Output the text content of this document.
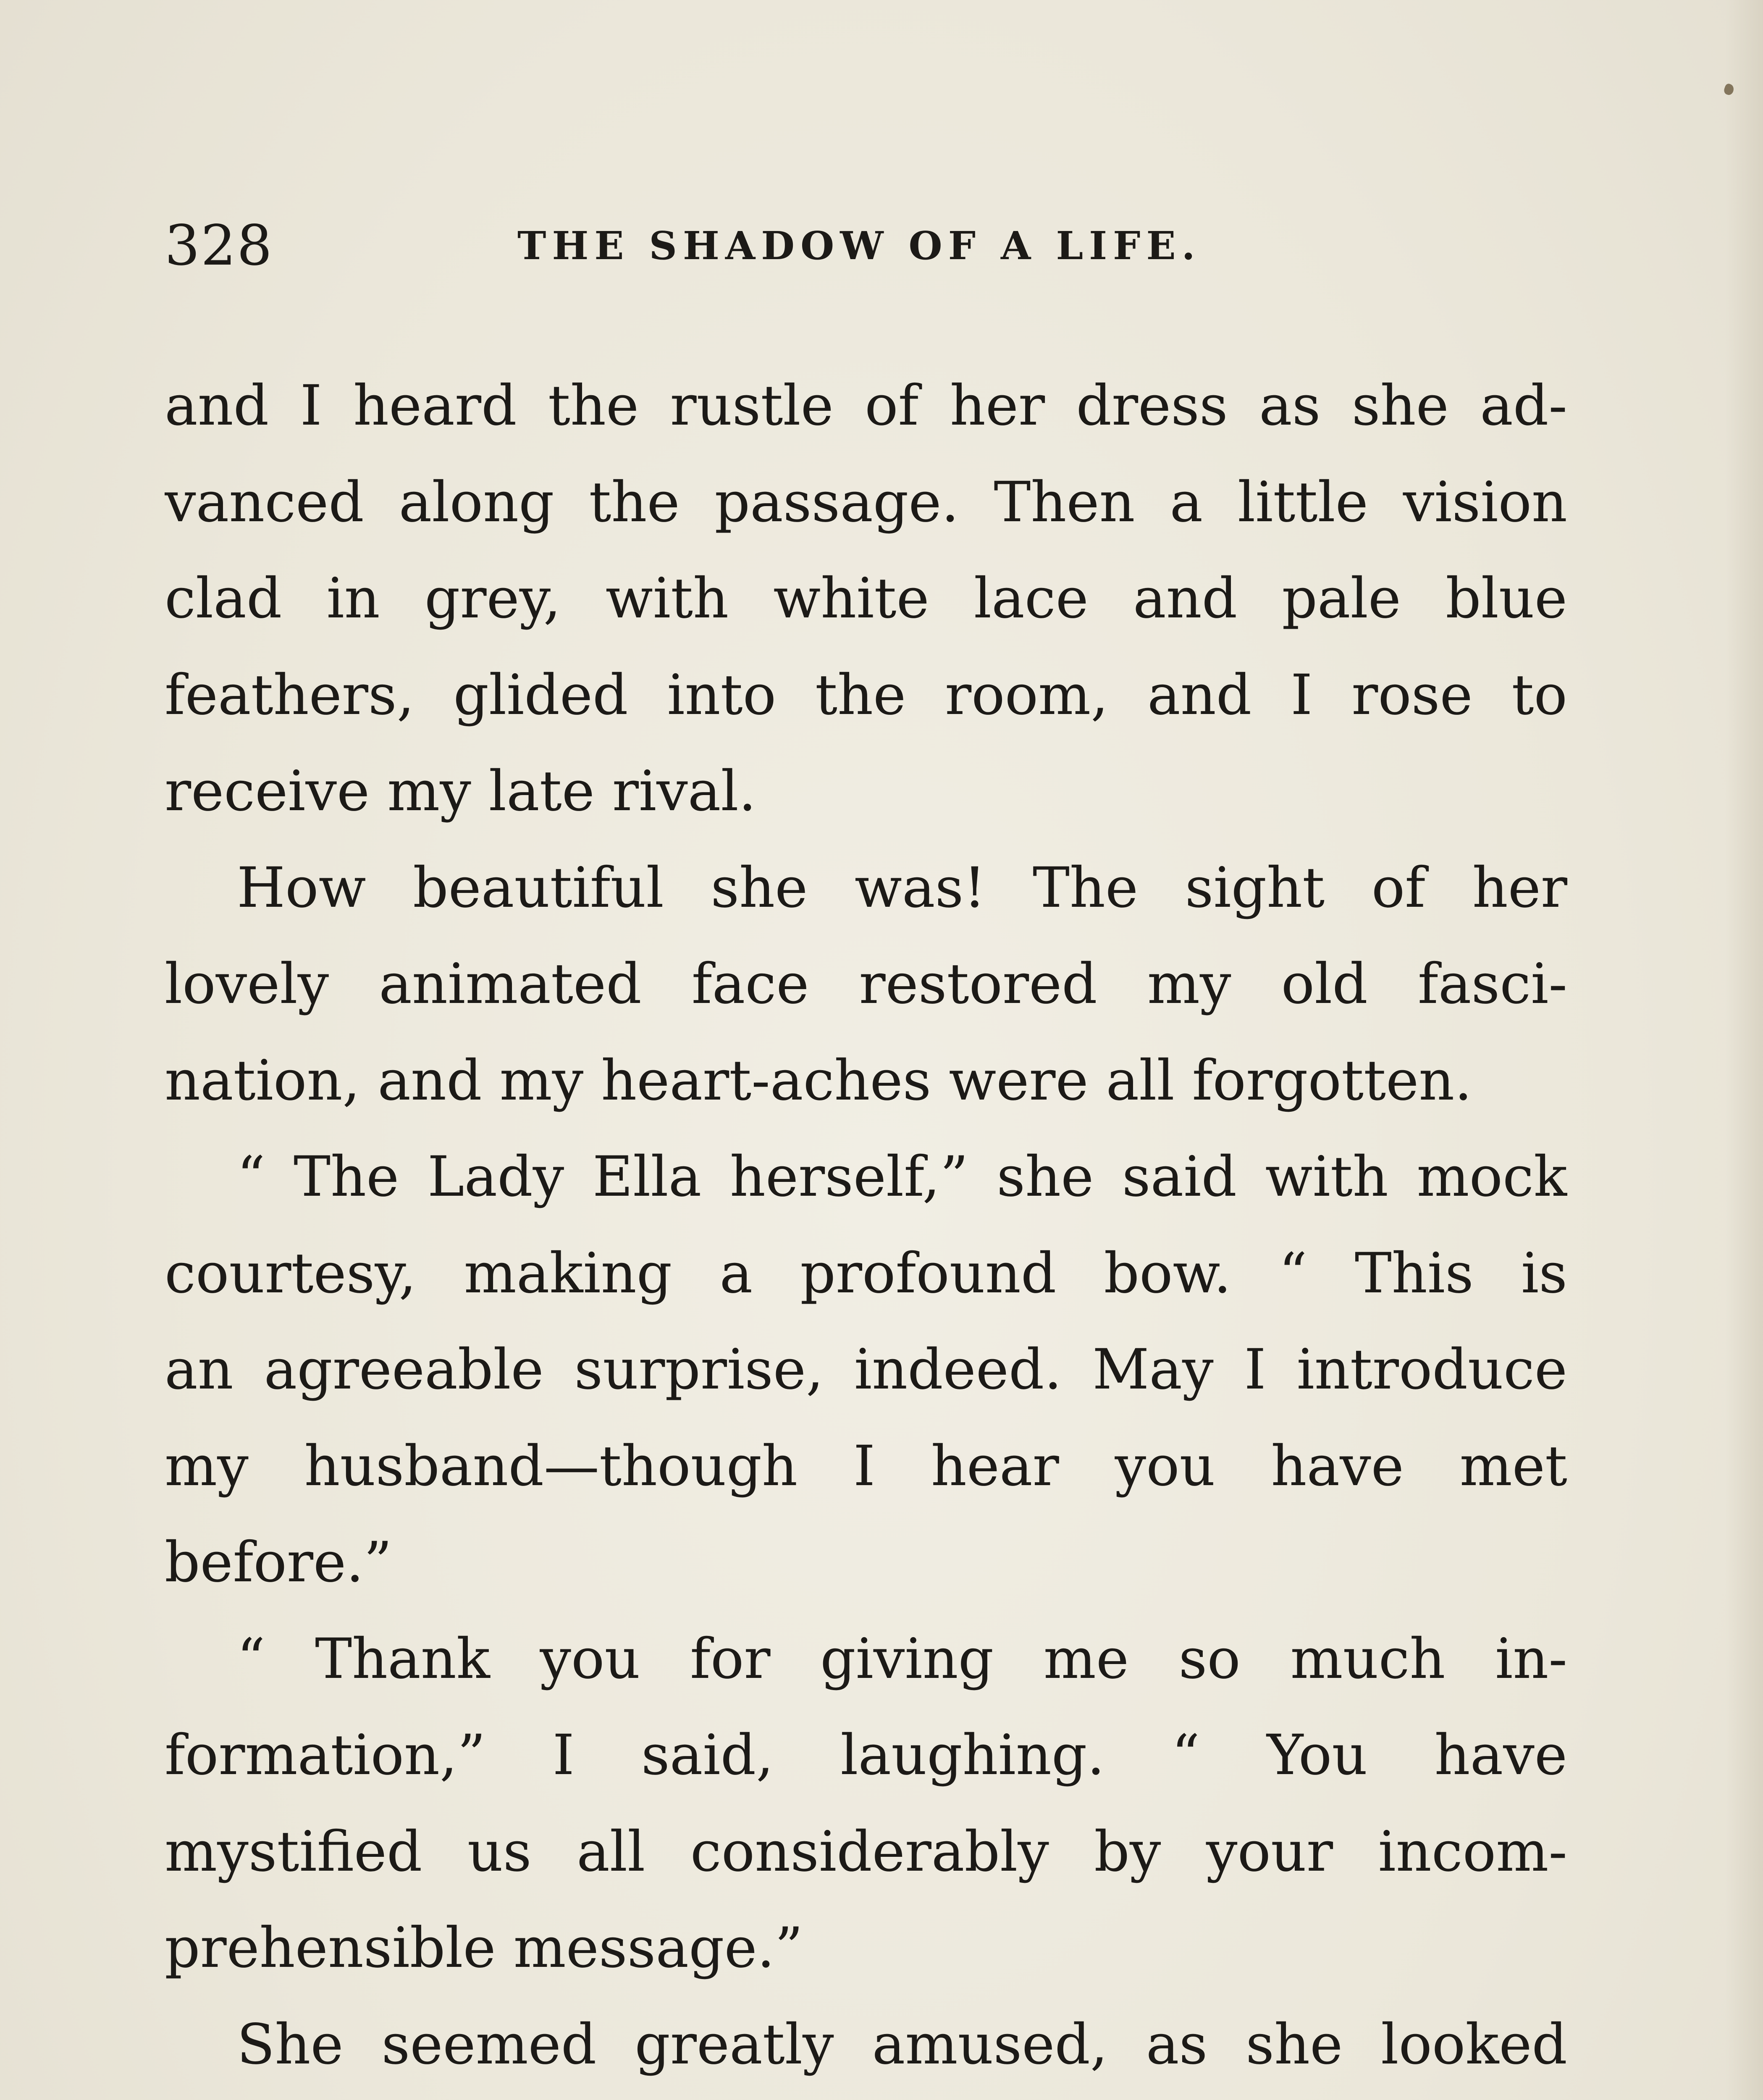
328	THE SHADOW OF A LIFE.
and I heard the rustle of her dress as she ad-
vanced along the passage. Then a little vision
clad in grey, with white lace and pale blue
feathers, glided into the room, and I rose to
receive my late rival.
How beautiful she was! The sight of her
lovely animated face restored my old fasci-
nation, and my heart-aches were all forgotten.
“ The Lady Ella herself,” she said with mock
courtesy, making a profound bow. “ This is
an agreeable surprise, indeed. May I introduce
my husband—though I hear you have met
before.”
“ Thank you for giving me so much in-
formation,” I said, laughing. “ You have
mystified us all considerably by your incom-
prehensible message.”
She seemed greatly amused, as she looked
